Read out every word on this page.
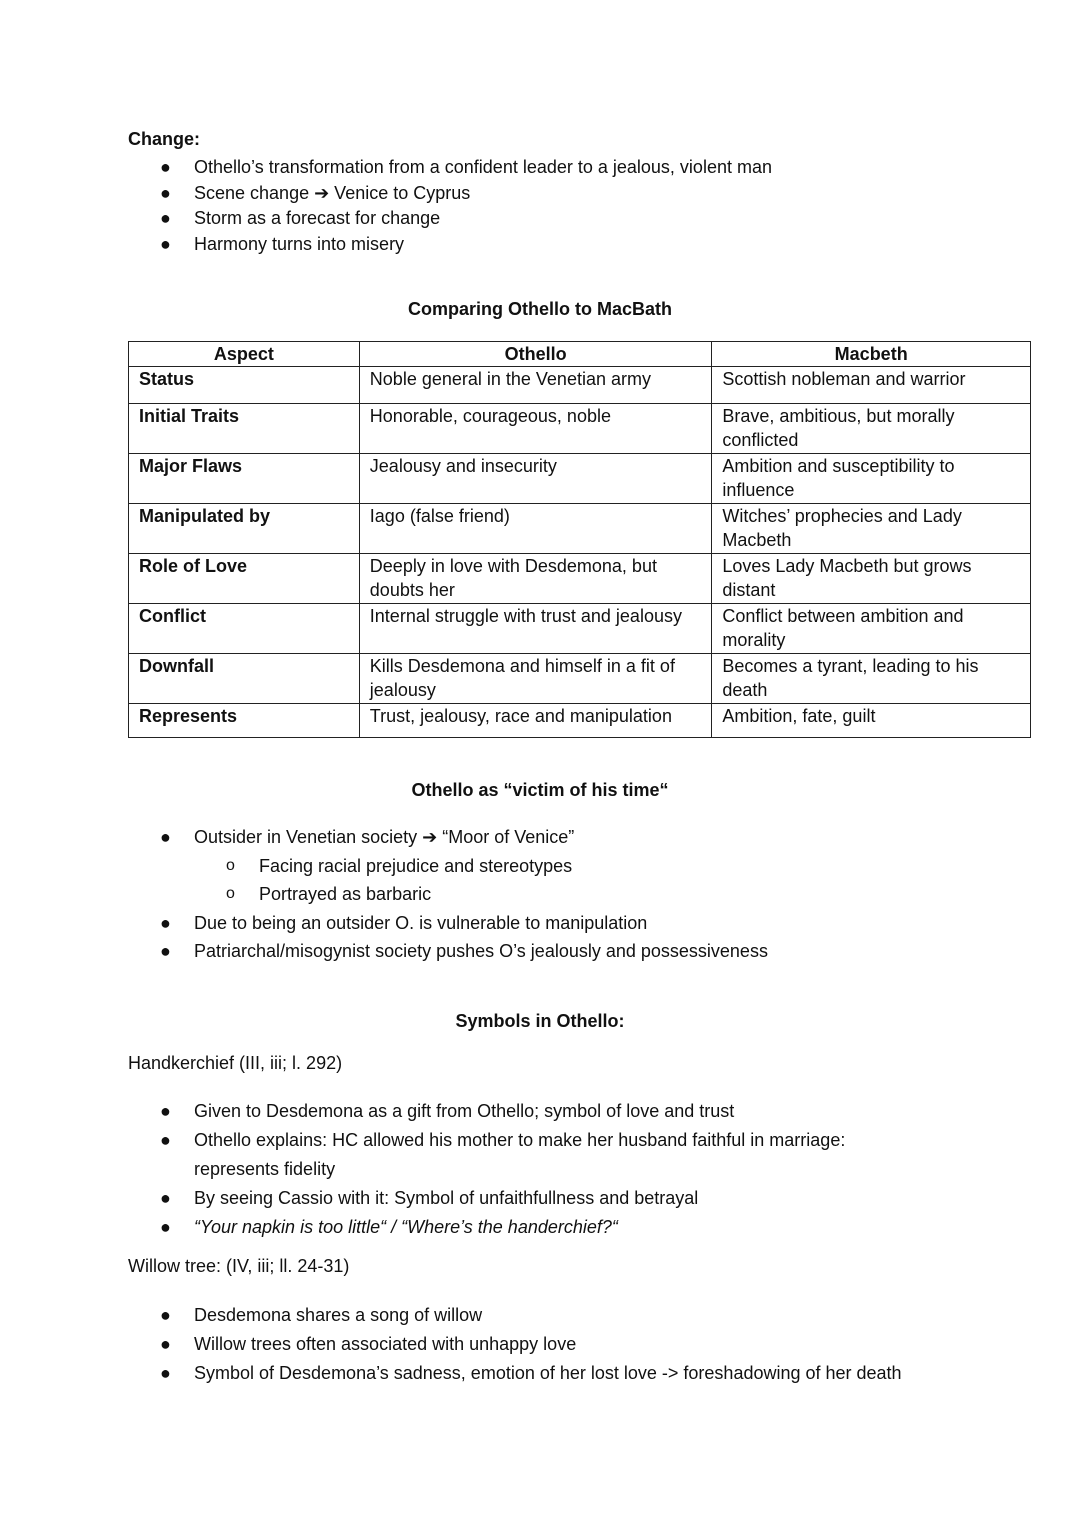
Change:
● Othello’s transformation from a confident leader to a jealous, violent man
● Scene change ➔ Venice to Cyprus
● Storm as a forecast for change
● Harmony turns into misery
Comparing Othello to MacBath
Aspect	Othello	Macbeth
Status	Noble general in the Venetian army	Scottish nobleman and warrior
Initial Traits	Honorable, courageous, noble	Brave, ambitious, but morally conflicted
Major Flaws	Jealousy and insecurity	Ambition and susceptibility to influence
Manipulated by	Iago (false friend)	Witches’ prophecies and Lady Macbeth
Role of Love	Deeply in love with Desdemona, but doubts her	Loves Lady Macbeth but grows distant
Conflict	Internal struggle with trust and jealousy	Conflict between ambition and morality
Downfall	Kills Desdemona and himself in a fit of jealousy	Becomes a tyrant, leading to his death
Represents	Trust, jealousy, race and manipulation	Ambition, fate, guilt
Othello as “victim of his time“
● Outsider in Venetian society ➔ “Moor of Venice”
o Facing racial prejudice and stereotypes
o Portrayed as barbaric
● Due to being an outsider O. is vulnerable to manipulation
● Patriarchal/misogynist society pushes O’s jealously and possessiveness
Symbols in Othello:
Handkerchief (III, iii; l. 292)
● Given to Desdemona as a gift from Othello; symbol of love and trust
● Othello explains: HC allowed his mother to make her husband faithful in marriage:
represents fidelity
● By seeing Cassio with it: Symbol of unfaithfullness and betrayal
● “Your napkin is too little“ / “Where’s the handerchief?“
Willow tree: (IV, iii; ll. 24-31)
● Desdemona shares a song of willow
● Willow trees often associated with unhappy love
● Symbol of Desdemona’s sadness, emotion of her lost love -> foreshadowing of her death
